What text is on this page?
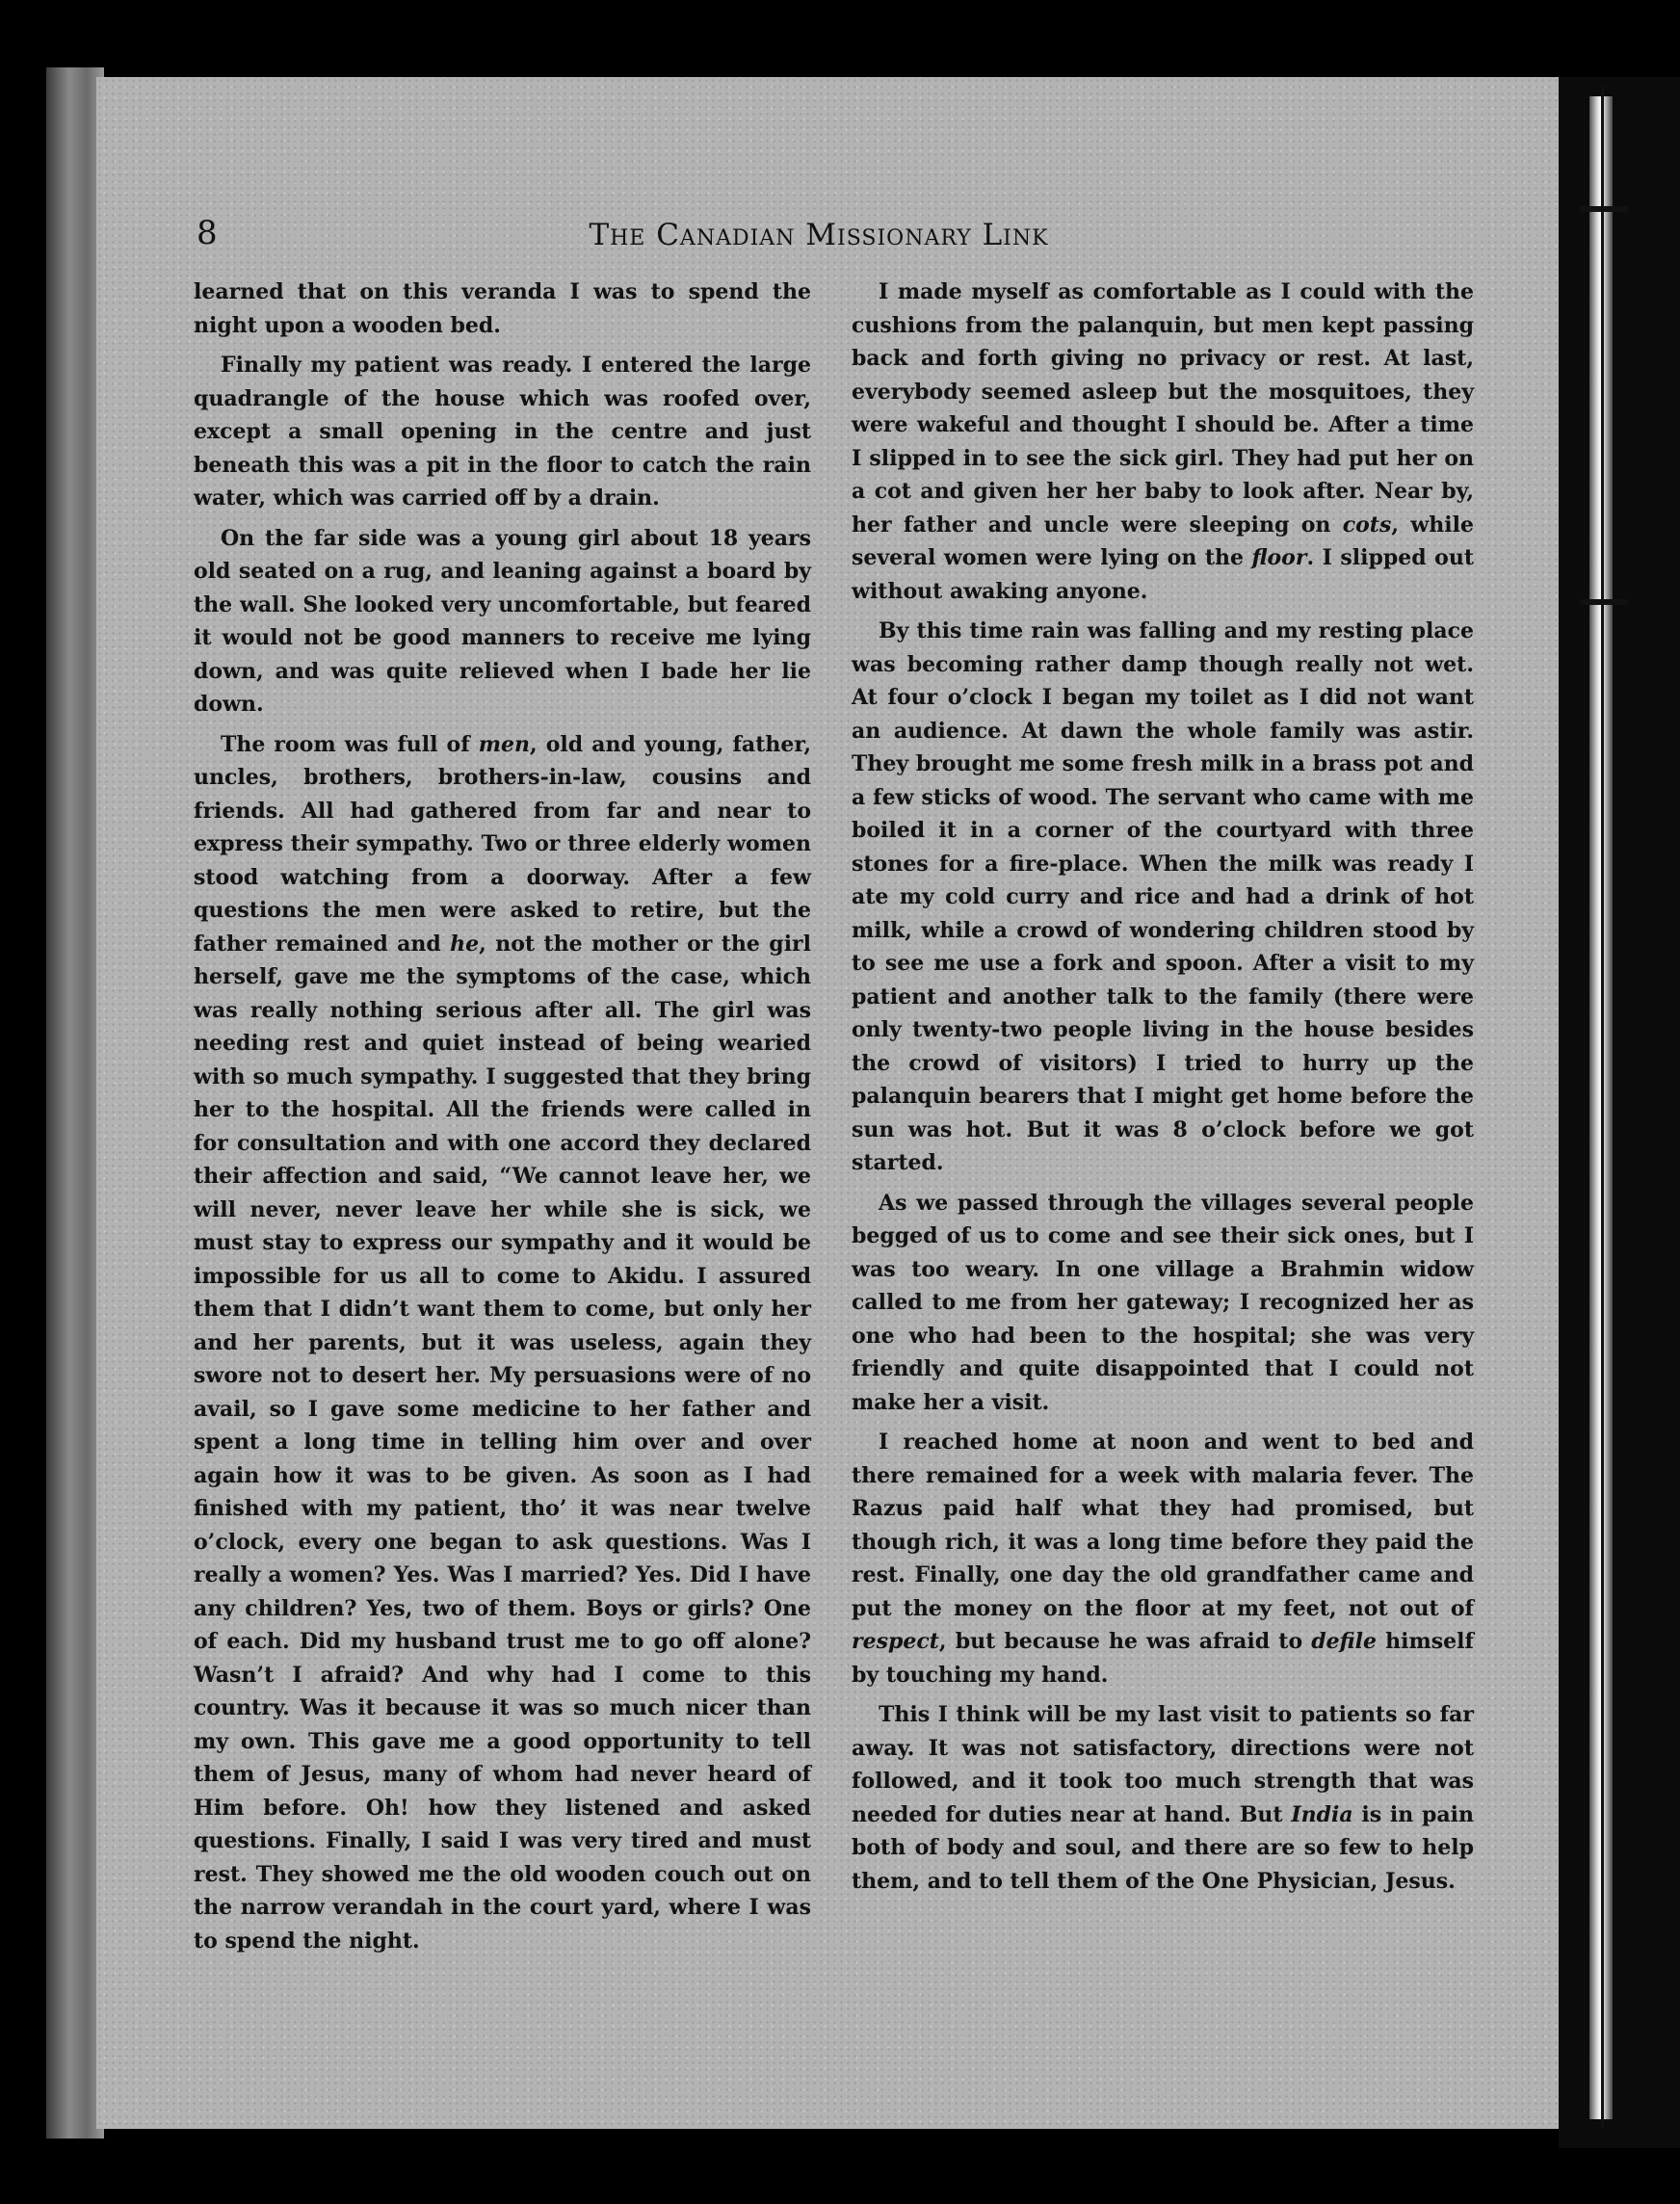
8	The Canadian Missionary Link

learned that on this veranda I was to spend the night upon a wooden bed.

Finally my patient was ready. I entered the large quadrangle of the house which was roofed over, except a small opening in the centre and just beneath this was a pit in the floor to catch the rain water, which was carried off by a drain.

On the far side was a young girl about 18 years old seated on a rug, and leaning against a board by the wall. She looked very uncomfortable, but feared it would not be good manners to receive me lying down, and was quite relieved when I bade her lie down.

The room was full of men, old and young, father, uncles, brothers, brothers-in-law, cousins and friends. All had gathered from far and near to express their sympathy. Two or three elderly women stood watching from a doorway. After a few questions the men were asked to retire, but the father remained and he, not the mother or the girl herself, gave me the symptoms of the case, which was really nothing serious after all. The girl was needing rest and quiet instead of being wearied with so much sympathy. I suggested that they bring her to the hospital. All the friends were called in for consultation and with one accord they declared their affection and said, “We cannot leave her, we will never, never leave her while she is sick, we must stay to express our sympathy and it would be impossible for us all to come to Akidu. I assured them that I didn’t want them to come, but only her and her parents, but it was useless, again they swore not to desert her. My persuasions were of no avail, so I gave some medicine to her father and spent a long time in telling him over and over again how it was to be given. As soon as I had finished with my patient, tho’ it was near twelve o’clock, every one began to ask questions. Was I really a women? Yes. Was I married? Yes. Did I have any children? Yes, two of them. Boys or girls? One of each. Did my husband trust me to go off alone? Wasn’t I afraid? And why had I come to this country. Was it because it was so much nicer than my own. This gave me a good opportunity to tell them of Jesus, many of whom had never heard of Him before. Oh! how they listened and asked questions. Finally, I said I was very tired and must rest. They showed me the old wooden couch out on the narrow verandah in the court yard, where I was to spend the night.

I made myself as comfortable as I could with the cushions from the palanquin, but men kept passing back and forth giving no privacy or rest. At last, everybody seemed asleep but the mosquitoes, they were wakeful and thought I should be. After a time I slipped in to see the sick girl. They had put her on a cot and given her her baby to look after. Near by, her father and uncle were sleeping on cots, while several women were lying on the floor. I slipped out without awaking anyone.

By this time rain was falling and my resting place was becoming rather damp though really not wet. At four o’clock I began my toilet as I did not want an audience. At dawn the whole family was astir. They brought me some fresh milk in a brass pot and a few sticks of wood. The servant who came with me boiled it in a corner of the courtyard with three stones for a fire-place. When the milk was ready I ate my cold curry and rice and had a drink of hot milk, while a crowd of wondering children stood by to see me use a fork and spoon. After a visit to my patient and another talk to the family (there were only twenty-two people living in the house besides the crowd of visitors) I tried to hurry up the palanquin bearers that I might get home before the sun was hot. But it was 8 o’clock before we got started.

As we passed through the villages several people begged of us to come and see their sick ones, but I was too weary. In one village a Brahmin widow called to me from her gateway; I recognized her as one who had been to the hospital; she was very friendly and quite disappointed that I could not make her a visit.

I reached home at noon and went to bed and there remained for a week with malaria fever. The Razus paid half what they had promised, but though rich, it was a long time before they paid the rest. Finally, one day the old grandfather came and put the money on the floor at my feet, not out of respect, but because he was afraid to defile himself by touching my hand.

This I think will be my last visit to patients so far away. It was not satisfactory, directions were not followed, and it took too much strength that was needed for duties near at hand. But India is in pain both of body and soul, and there are so few to help them, and to tell them of the One Physician, Jesus.
